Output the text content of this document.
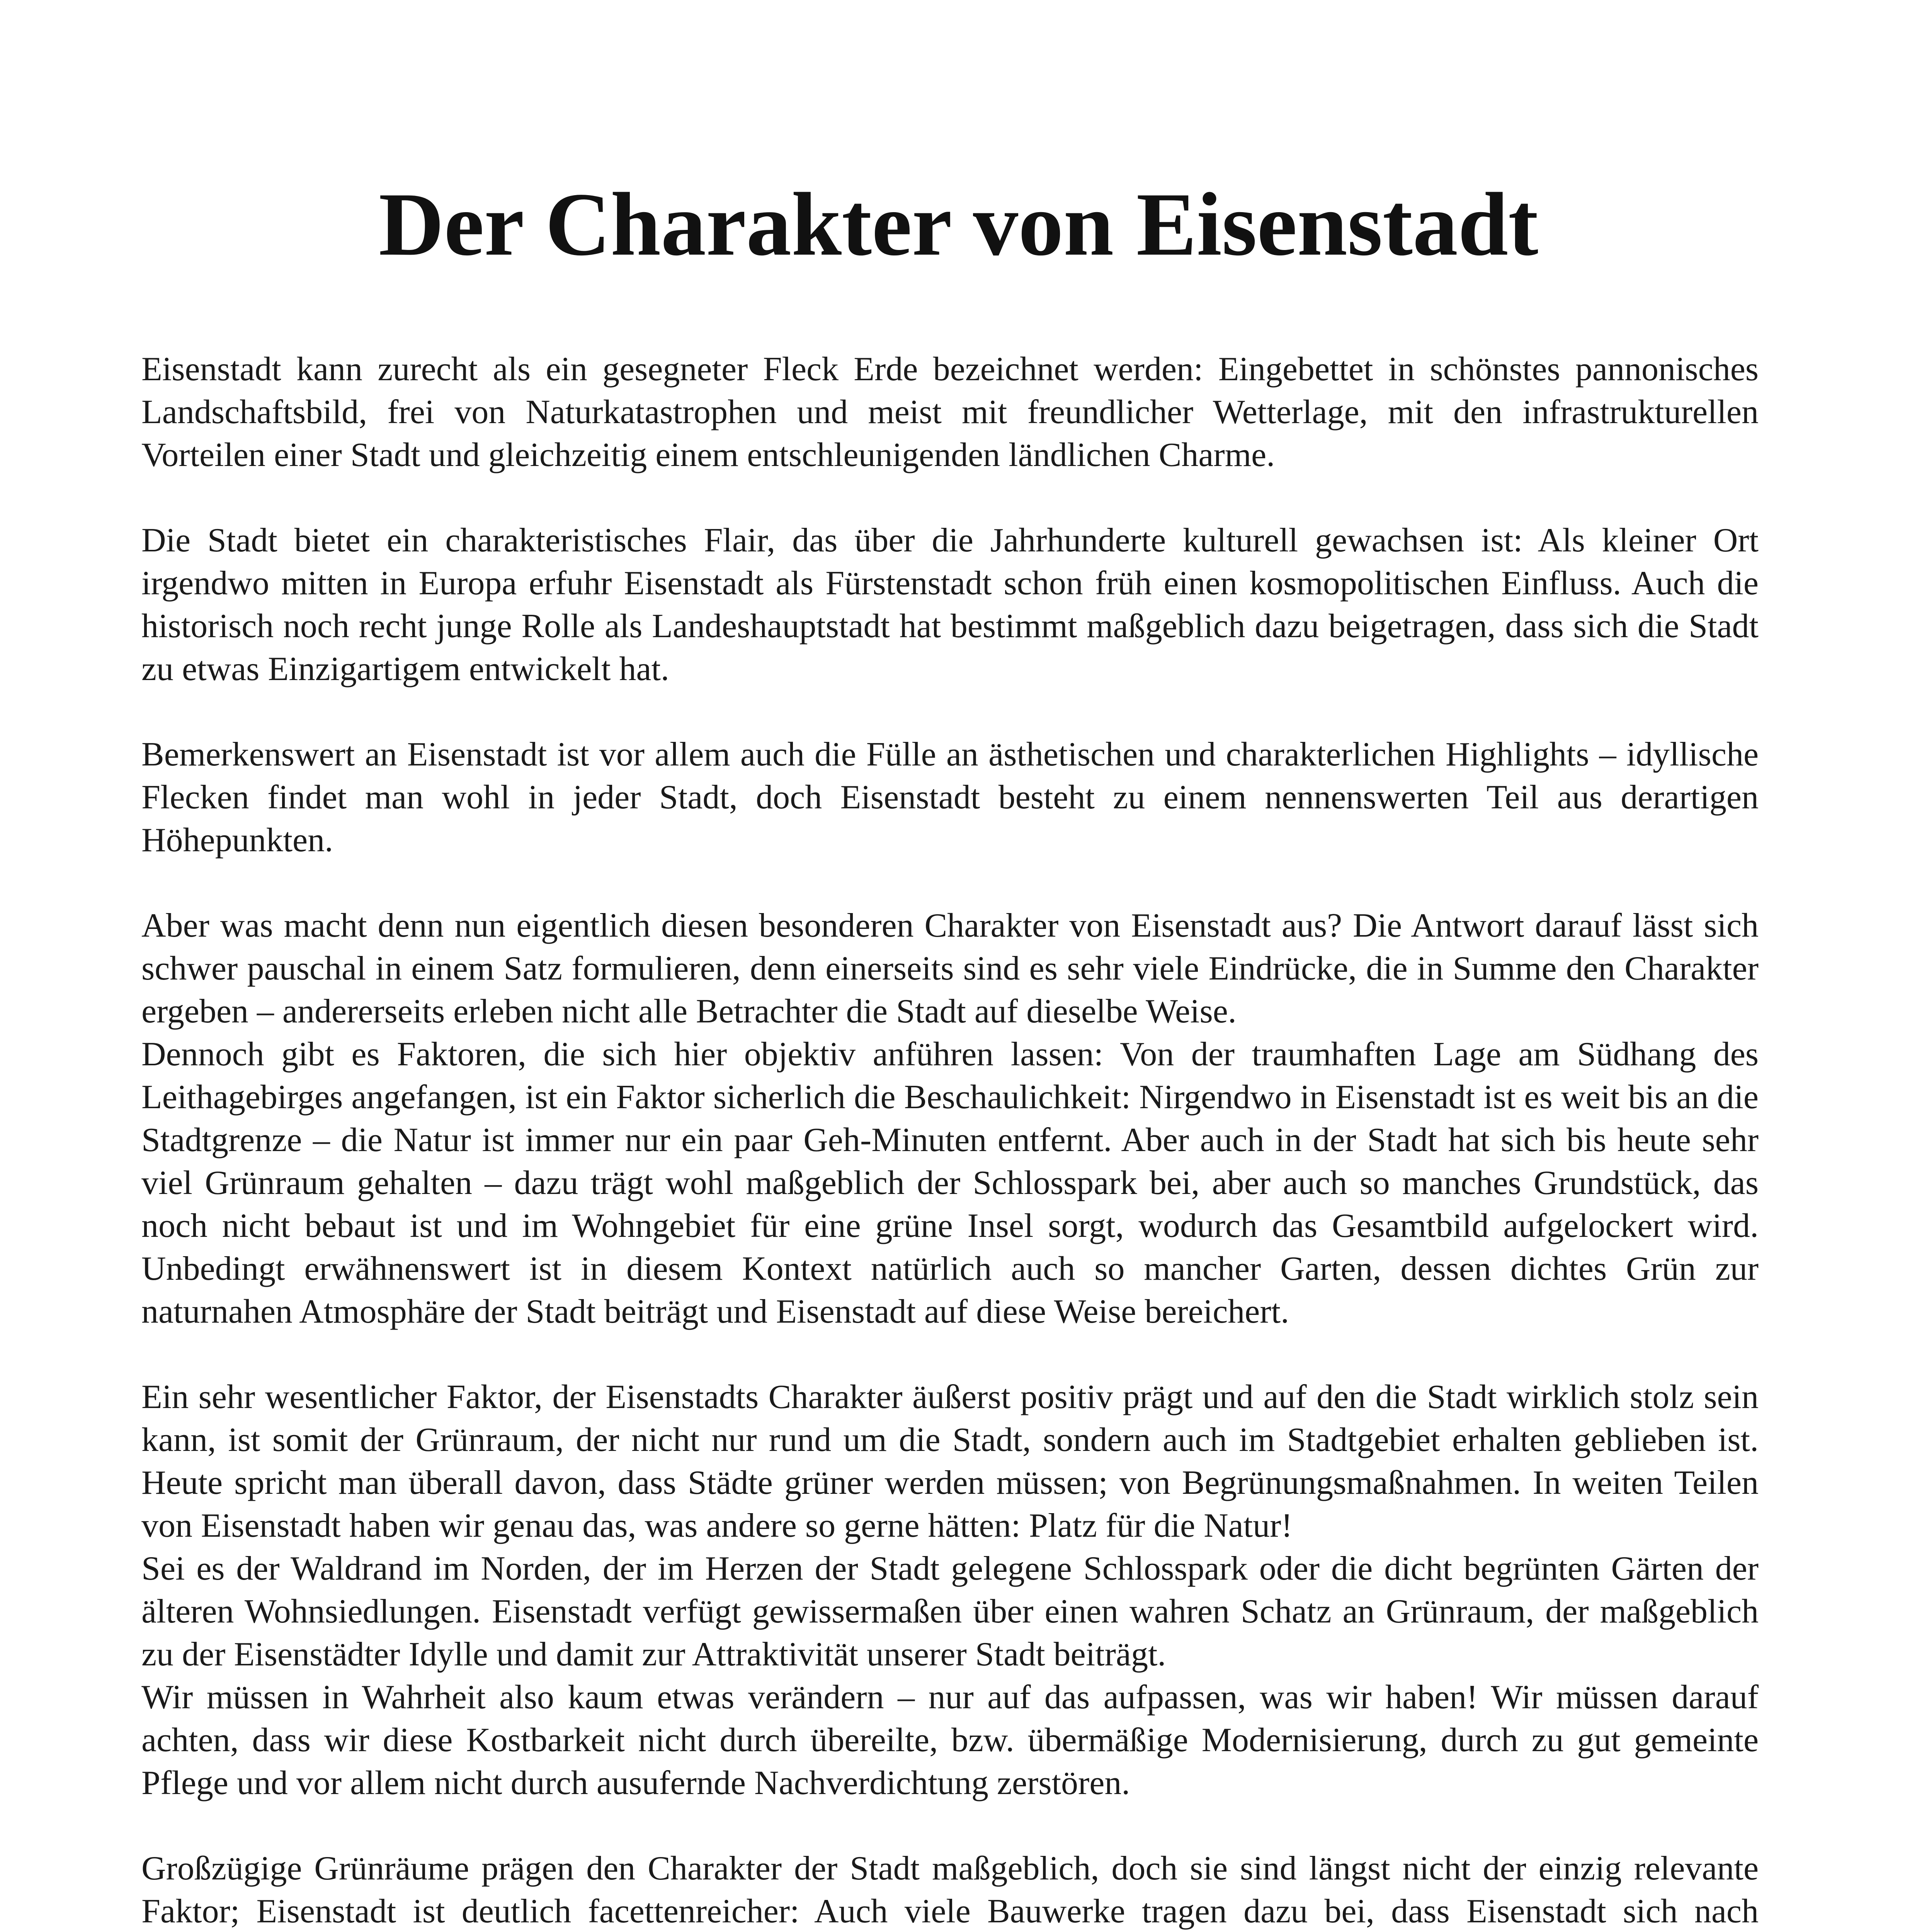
Der Charakter von Eisenstadt

Eisenstadt kann zurecht als ein gesegneter Fleck Erde bezeichnet werden: Eingebettet in schönstes pannonisches Landschaftsbild, frei von Naturkatastrophen und meist mit freundlicher Wetterlage, mit den infrastrukturellen Vorteilen einer Stadt und gleichzeitig einem entschleunigenden ländlichen Charme.

Die Stadt bietet ein charakteristisches Flair, das über die Jahrhunderte kulturell gewachsen ist: Als kleiner Ort irgendwo mitten in Europa erfuhr Eisenstadt als Fürstenstadt schon früh einen kosmopolitischen Einfluss. Auch die historisch noch recht junge Rolle als Landeshauptstadt hat bestimmt maßgeblich dazu beigetragen, dass sich die Stadt zu etwas Einzigartigem entwickelt hat.

Bemerkenswert an Eisenstadt ist vor allem auch die Fülle an ästhetischen und charakterlichen Highlights – idyllische Flecken findet man wohl in jeder Stadt, doch Eisenstadt besteht zu einem nennenswerten Teil aus derartigen Höhepunkten.

Aber was macht denn nun eigentlich diesen besonderen Charakter von Eisenstadt aus? Die Antwort darauf lässt sich schwer pauschal in einem Satz formulieren, denn einerseits sind es sehr viele Eindrücke, die in Summe den Charakter ergeben – andererseits erleben nicht alle Betrachter die Stadt auf dieselbe Weise.
Dennoch gibt es Faktoren, die sich hier objektiv anführen lassen: Von der traumhaften Lage am Südhang des Leithagebirges angefangen, ist ein Faktor sicherlich die Beschaulichkeit: Nirgendwo in Eisenstadt ist es weit bis an die Stadtgrenze – die Natur ist immer nur ein paar Geh-Minuten entfernt. Aber auch in der Stadt hat sich bis heute sehr viel Grünraum gehalten – dazu trägt wohl maßgeblich der Schlosspark bei, aber auch so manches Grundstück, das noch nicht bebaut ist und im Wohngebiet für eine grüne Insel sorgt, wodurch das Gesamtbild aufgelockert wird. Unbedingt erwähnenswert ist in diesem Kontext natürlich auch so mancher Garten, dessen dichtes Grün zur naturnahen Atmosphäre der Stadt beiträgt und Eisenstadt auf diese Weise bereichert.

Ein sehr wesentlicher Faktor, der Eisenstadts Charakter äußerst positiv prägt und auf den die Stadt wirklich stolz sein kann, ist somit der Grünraum, der nicht nur rund um die Stadt, sondern auch im Stadtgebiet erhalten geblieben ist. Heute spricht man überall davon, dass Städte grüner werden müssen; von Begrünungsmaßnahmen. In weiten Teilen von Eisenstadt haben wir genau das, was andere so gerne hätten: Platz für die Natur!
Sei es der Waldrand im Norden, der im Herzen der Stadt gelegene Schlosspark oder die dicht begrünten Gärten der älteren Wohnsiedlungen. Eisenstadt verfügt gewissermaßen über einen wahren Schatz an Grünraum, der maßgeblich zu der Eisenstädter Idylle und damit zur Attraktivität unserer Stadt beiträgt.
Wir müssen in Wahrheit also kaum etwas verändern – nur auf das aufpassen, was wir haben! Wir müssen darauf achten, dass wir diese Kostbarkeit nicht durch übereilte, bzw. übermäßige Modernisierung, durch zu gut gemeinte Pflege und vor allem nicht durch ausufernde Nachverdichtung zerstören.

Großzügige Grünräume prägen den Charakter der Stadt maßgeblich, doch sie sind längst nicht der einzig relevante Faktor; Eisenstadt ist deutlich facettenreicher: Auch viele Bauwerke tragen dazu bei, dass Eisenstadt sich nach
